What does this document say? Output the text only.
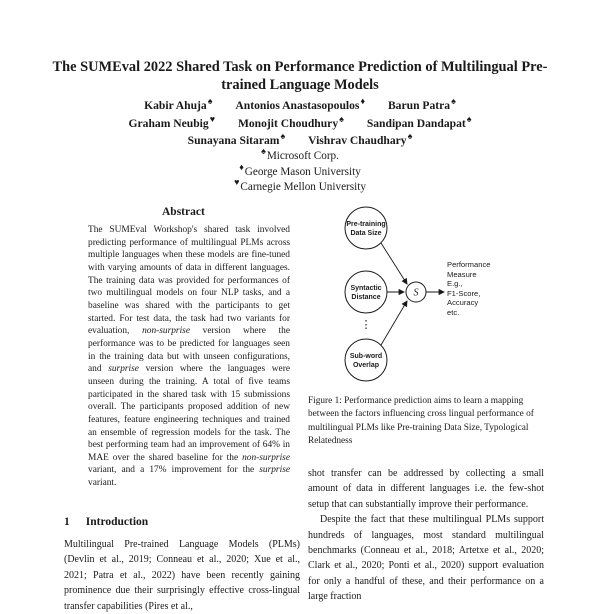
The SUMEval 2022 Shared Task on Performance Prediction of Multilingual Pre-trained Language Models
Kabir Ahuja♠ Antonios Anastasopoulos♦ Barun Patra♠
Graham Neubig♥ Monojit Choudhury♠ Sandipan Dandapat♠
Sunayana Sitaram♠ Vishrav Chaudhary♠
♠Microsoft Corp.
♦George Mason University
♥Carnegie Mellon University
Abstract
The SUMEval Workshop's shared task involved predicting performance of multilingual PLMs across multiple languages when these models are fine-tuned with varying amounts of data in different languages. The training data was provided for performances of two multilingual models on four NLP tasks, and a baseline was shared with the participants to get started. For test data, the task had two variants for evaluation, non-surprise version where the performance was to be predicted for languages seen in the training data but with unseen configurations, and surprise version where the languages were unseen during the training. A total of five teams participated in the shared task with 15 submissions overall. The participants proposed addition of new features, feature engineering techniques and trained an ensemble of regression models for the task. The best performing team had an improvement of 64% in MAE over the shared baseline for the non-surprise variant, and a 17% improvement for the surprise variant.
1 Introduction
Multilingual Pre-trained Language Models (PLMs) (Devlin et al., 2019; Conneau et al., 2020; Xue et al., 2021; Patra et al., 2022) have been recently gaining prominence due their surprisingly effective cross-lingual transfer capabilities (Pires et al.,
Pre-training
Data Size
Syntactic
Distance
⋮
Sub-word
Overlap
S
Performance
Measure
E.g.,
F1-Score,
Accuracy
etc.
Figure 1: Performance prediction aims to learn a mapping between the factors influencing cross lingual performance of multilingual PLMs like Pre-training Data Size, Typological Relatedness

shot transfer can be addressed by collecting a small amount of data in different languages i.e. the few-shot setup that can substantially improve their performance.

Despite the fact that these multilingual PLMs support hundreds of languages, most standard multilingual benchmarks (Conneau et al., 2018; Artetxe et al., 2020; Clark et al., 2020; Ponti et al., 2020) support evaluation for only a handful of these, and their performance on a large fraction
